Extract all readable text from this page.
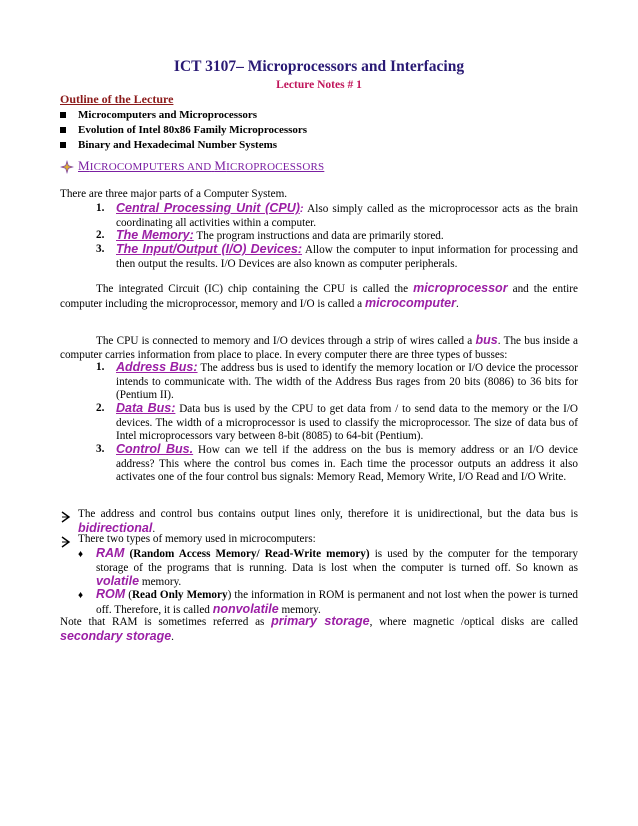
ICT 3107– Microprocessors and Interfacing
Lecture Notes # 1
Outline of the Lecture
Microcomputers and Microprocessors
Evolution of Intel 80x86 Family Microprocessors
Binary and Hexadecimal Number Systems
MICROCOMPUTERS AND MICROPROCESSORS
There are three major parts of a Computer System.
1. Central Processing Unit (CPU): Also simply called as the microprocessor acts as the brain coordinating all activities within a computer.
2. The Memory: The program instructions and data are primarily stored.
3. The Input/Output (I/O) Devices: Allow the computer to input information for processing and then output the results. I/O Devices are also known as computer peripherals.
The integrated Circuit (IC) chip containing the CPU is called the microprocessor and the entire computer including the microprocessor, memory and I/O is called a microcomputer.
The CPU is connected to memory and I/O devices through a strip of wires called a bus. The bus inside a computer carries information from place to place. In every computer there are three types of busses:
1. Address Bus: The address bus is used to identify the memory location or I/O device the processor intends to communicate with. The width of the Address Bus rages from 20 bits (8086) to 36 bits for (Pentium II).
2. Data Bus: Data bus is used by the CPU to get data from / to send data to the memory or the I/O devices. The width of a microprocessor is used to classify the microprocessor. The size of data bus of Intel microprocessors vary between 8-bit (8085) to 64-bit (Pentium).
3. Control Bus. How can we tell if the address on the bus is memory address or an I/O device address? This where the control bus comes in. Each time the processor outputs an address it also activates one of the four control bus signals: Memory Read, Memory Write, I/O Read and I/O Write.
The address and control bus contains output lines only, therefore it is unidirectional, but the data bus is bidirectional.
There two types of memory used in microcomputers:
♦ RAM (Random Access Memory/ Read-Write memory) is used by the computer for the temporary storage of the programs that is running. Data is lost when the computer is turned off. So known as volatile memory.
♦ ROM (Read Only Memory) the information in ROM is permanent and not lost when the power is turned off. Therefore, it is called nonvolatile memory.
Note that RAM is sometimes referred as primary storage, where magnetic /optical disks are called secondary storage.
